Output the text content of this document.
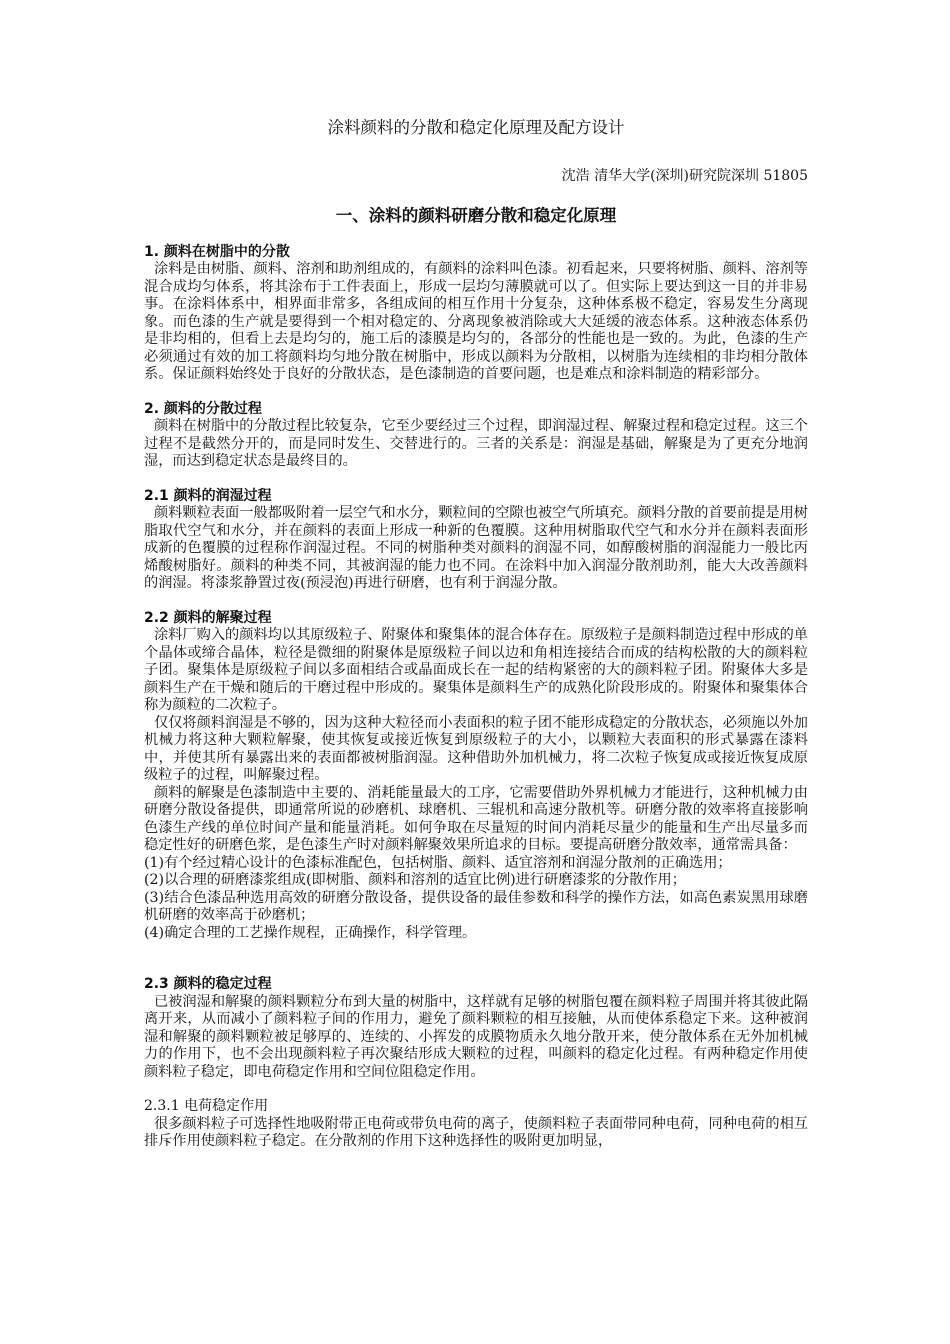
涂料颜料的分散和稳定化原理及配方设计
沈浩 清华大学(深圳)研究院深圳 51805
一、涂料的颜料研磨分散和稳定化原理
1. 颜料在树脂中的分散

涂料是由树脂、颜料、溶剂和助剂组成的，有颜料的涂料叫色漆。初看起来，只要将树脂、颜料、溶剂等混合成均匀体系，将其涂布于工件表面上，形成一层均匀薄膜就可以了。但实际上要达到这一目的并非易事。在涂料体系中，相界面非常多，各组成间的相互作用十分复杂，这种体系极不稳定，容易发生分离现象。而色漆的生产就是要得到一个相对稳定的、分离现象被消除或大大延缓的液态体系。这种液态体系仍是非均相的，但看上去是均匀的，施工后的漆膜是均匀的，各部分的性能也是一致的。为此，色漆的生产必须通过有效的加工将颜料均匀地分散在树脂中，形成以颜料为分散相，以树脂为连续相的非均相分散体系。保证颜料始终处于良好的分散状态，是色漆制造的首要问题，也是难点和涂料制造的精彩部分。

2. 颜料的分散过程

颜料在树脂中的分散过程比较复杂，它至少要经过三个过程，即润湿过程、解聚过程和稳定过程。这三个过程不是截然分开的，而是同时发生、交替进行的。三者的关系是：润湿是基础，解聚是为了更充分地润湿，而达到稳定状态是最终目的。

2.1 颜料的润湿过程

颜料颗粒表面一般都吸附着一层空气和水分，颗粒间的空隙也被空气所填充。颜料分散的首要前提是用树脂取代空气和水分，并在颜料的表面上形成一种新的色覆膜。这种用树脂取代空气和水分并在颜料表面形成新的色覆膜的过程称作润湿过程。不同的树脂种类对颜料的润湿不同，如醇酸树脂的润湿能力一般比丙烯酸树脂好。颜料的种类不同，其被润湿的能力也不同。在涂料中加入润湿分散剂助剂，能大大改善颜料的润湿。将漆浆静置过夜(预浸泡)再进行研磨，也有利于润湿分散。

2.2 颜料的解聚过程

涂料厂购入的颜料均以其原级粒子、附聚体和聚集体的混合体存在。原级粒子是颜料制造过程中形成的单个晶体或缔合晶体，粒径是微细的附聚体是原级粒子间以边和角相连接结合而成的结构松散的大的颜料粒子团。聚集体是原级粒子间以多面相结合或晶面成长在一起的结构紧密的大的颜料粒子团。附聚体大多是颜料生产在干燥和随后的干磨过程中形成的。聚集体是颜料生产的成熟化阶段形成的。附聚体和聚集体合称为颜粒的二次粒子。

仅仅将颜料润湿是不够的，因为这种大粒径而小表面积的粒子团不能形成稳定的分散状态，必须施以外加机械力将这种大颗粒解聚，使其恢复或接近恢复到原级粒子的大小，以颗粒大表面积的形式暴露在漆料中，并使其所有暴露出来的表面都被树脂润湿。这种借助外加机械力，将二次粒子恢复成或接近恢复成原级粒子的过程，叫解聚过程。

颜料的解聚是色漆制造中主要的、消耗能量最大的工序，它需要借助外界机械力才能进行，这种机械力由研磨分散设备提供，即通常所说的砂磨机、球磨机、三辊机和高速分散机等。研磨分散的效率将直接影响色漆生产线的单位时间产量和能量消耗。如何争取在尽量短的时间内消耗尽量少的能量和生产出尽量多而稳定性好的研磨色浆，是色漆生产时对颜料解聚效果所追求的目标。要提高研磨分散效率，通常需具备：

(1)有个经过精心设计的色漆标准配色，包括树脂、颜料、适宜溶剂和润湿分散剂的正确选用；

(2)以合理的研磨漆浆组成(即树脂、颜料和溶剂的适宜比例)进行研磨漆浆的分散作用；

(3)结合色漆品种选用高效的研磨分散设备，提供设备的最佳参数和科学的操作方法，如高色素炭黑用球磨机研磨的效率高于砂磨机；

(4)确定合理的工艺操作规程，正确操作，科学管理。

2.3 颜料的稳定过程

已被润湿和解聚的颜料颗粒分布到大量的树脂中，这样就有足够的树脂包覆在颜料粒子周围并将其彼此隔离开来，从而减小了颜料粒子间的作用力，避免了颜料颗粒的相互接触，从而使体系稳定下来。这种被润湿和解聚的颜料颗粒被足够厚的、连续的、小挥发的成膜物质永久地分散开来，使分散体系在无外加机械力的作用下，也不会出现颜料粒子再次聚结形成大颗粒的过程，叫颜料的稳定化过程。有两种稳定作用使颜料粒子稳定，即电荷稳定作用和空间位阻稳定作用。

2.3.1 电荷稳定作用

很多颜料粒子可选择性地吸附带正电荷或带负电荷的离子，使颜料粒子表面带同种电荷，同种电荷的相互排斥作用使颜料粒子稳定。在分散剂的作用下这种选择性的吸附更加明显，
